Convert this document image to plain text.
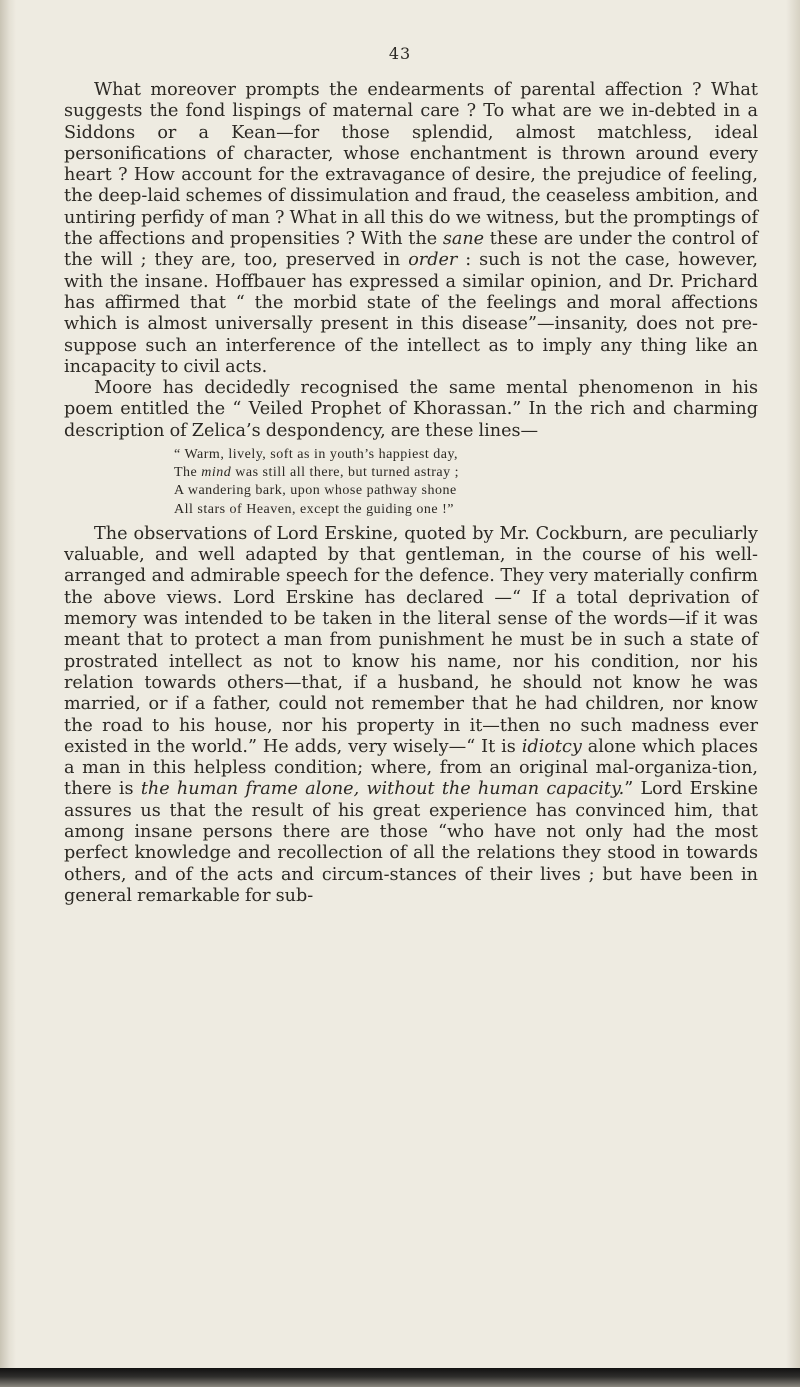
43

What moreover prompts the endearments of parental affection ? What suggests the fond lispings of maternal care ? To what are we in-debted in a Siddons or a Kean—for those splendid, almost matchless, ideal personifications of character, whose enchantment is thrown around every heart ? How account for the extravagance of desire, the prejudice of feeling, the deep-laid schemes of dissimulation and fraud, the ceaseless ambition, and untiring perfidy of man ? What in all this do we witness, but the promptings of the affections and propensities ? With the sane these are under the control of the will ; they are, too, preserved in order : such is not the case, however, with the insane. Hoffbauer has expressed a similar opinion, and Dr. Prichard has affirmed that “ the morbid state of the feelings and moral affections which is almost universally present in this disease”—insanity, does not pre-suppose such an interference of the intellect as to imply any thing like an incapacity to civil acts.

Moore has decidedly recognised the same mental phenomenon in his poem entitled the “ Veiled Prophet of Khorassan.” In the rich and charming description of Zelica’s despondency, are these lines—

“ Warm, lively, soft as in youth’s happiest day,
The mind was still all there, but turned astray ;
A wandering bark, upon whose pathway shone
All stars of Heaven, except the guiding one !”

The observations of Lord Erskine, quoted by Mr. Cockburn, are peculiarly valuable, and well adapted by that gentleman, in the course of his well-arranged and admirable speech for the defence. They very materially confirm the above views. Lord Erskine has declared —“ If a total deprivation of memory was intended to be taken in the literal sense of the words—if it was meant that to protect a man from punishment he must be in such a state of prostrated intellect as not to know his name, nor his condition, nor his relation towards others—that, if a husband, he should not know he was married, or if a father, could not remember that he had children, nor know the road to his house, nor his property in it—then no such madness ever existed in the world.” He adds, very wisely—“ It is idiotcy alone which places a man in this helpless condition; where, from an original mal-organiza-tion, there is the human frame alone, without the human capacity.” Lord Erskine assures us that the result of his great experience has convinced him, that among insane persons there are those “who have not only had the most perfect knowledge and recollection of all the relations they stood in towards others, and of the acts and circum-stances of their lives ; but have been in general remarkable for sub-
